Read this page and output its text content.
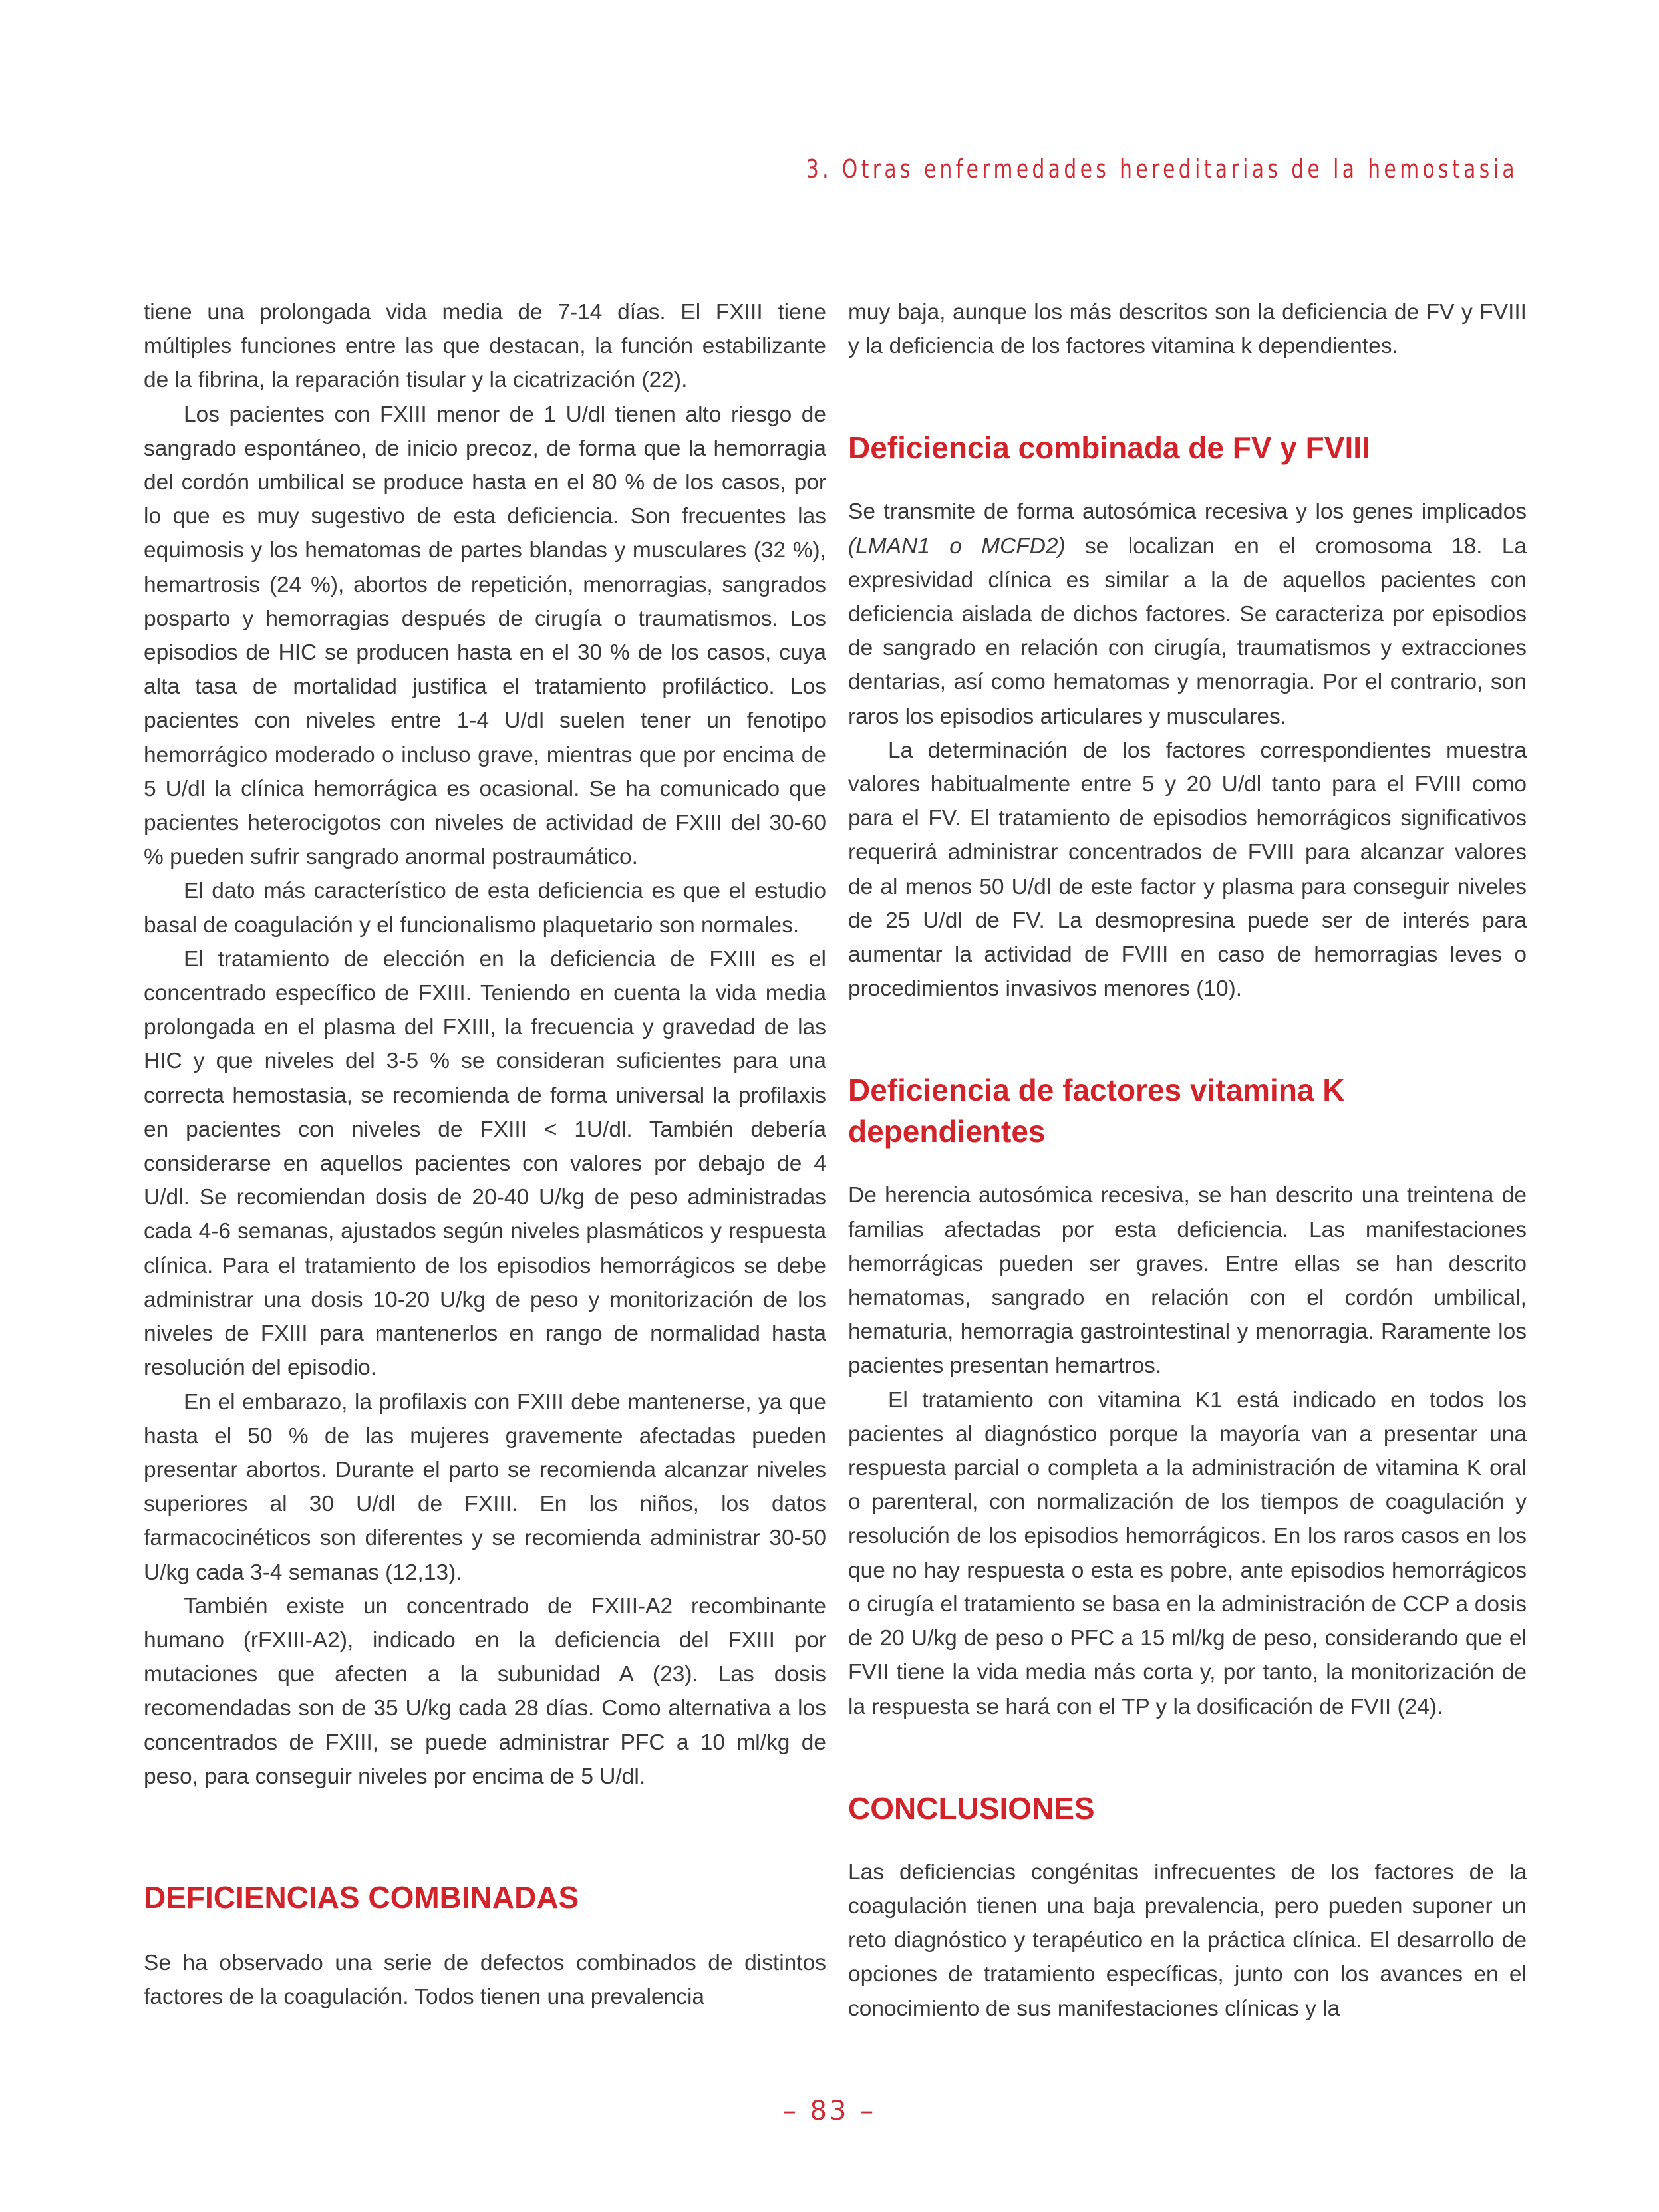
3. Otras enfermedades hereditarias de la hemostasia

tiene una prolongada vida media de 7-14 días. El FXIII tiene múltiples funciones entre las que destacan, la función estabilizante de la fibrina, la reparación tisular y la cicatrización (22).

Los pacientes con FXIII menor de 1 U/dl tienen alto riesgo de sangrado espontáneo, de inicio precoz, de forma que la hemorragia del cordón umbilical se produce hasta en el 80 % de los casos, por lo que es muy sugestivo de esta deficiencia. Son frecuentes las equimosis y los hematomas de partes blandas y musculares (32 %), hemartrosis (24 %), abortos de repetición, menorragias, sangrados posparto y hemorragias después de cirugía o traumatismos. Los episodios de HIC se producen hasta en el 30 % de los casos, cuya alta tasa de mortalidad justifica el tratamiento profiláctico. Los pacientes con niveles entre 1-4 U/dl suelen tener un fenotipo hemorrágico moderado o incluso grave, mientras que por encima de 5 U/dl la clínica hemorrágica es ocasional. Se ha comunicado que pacientes heterocigotos con niveles de actividad de FXIII del 30-60 % pueden sufrir sangrado anormal postraumático.

El dato más característico de esta deficiencia es que el estudio basal de coagulación y el funcionalismo plaquetario son normales.

El tratamiento de elección en la deficiencia de FXIII es el concentrado específico de FXIII. Teniendo en cuenta la vida media prolongada en el plasma del FXIII, la frecuencia y gravedad de las HIC y que niveles del 3-5 % se consideran suficientes para una correcta hemostasia, se recomienda de forma universal la profilaxis en pacientes con niveles de FXIII < 1U/dl. También debería considerarse en aquellos pacientes con valores por debajo de 4 U/dl. Se recomiendan dosis de 20-40 U/kg de peso administradas cada 4-6 semanas, ajustados según niveles plasmáticos y respuesta clínica. Para el tratamiento de los episodios hemorrágicos se debe administrar una dosis 10-20 U/kg de peso y monitorización de los niveles de FXIII para mantenerlos en rango de normalidad hasta resolución del episodio.

En el embarazo, la profilaxis con FXIII debe mantenerse, ya que hasta el 50 % de las mujeres gravemente afectadas pueden presentar abortos. Durante el parto se recomienda alcanzar niveles superiores al 30 U/dl de FXIII. En los niños, los datos farmacocinéticos son diferentes y se recomienda administrar 30-50 U/kg cada 3-4 semanas (12,13).

También existe un concentrado de FXIII-A2 recombinante humano (rFXIII-A2), indicado en la deficiencia del FXIII por mutaciones que afecten a la subunidad A (23). Las dosis recomendadas son de 35 U/kg cada 28 días. Como alternativa a los concentrados de FXIII, se puede administrar PFC a 10 ml/kg de peso, para conseguir niveles por encima de 5 U/dl.

DEFICIENCIAS COMBINADAS

Se ha observado una serie de defectos combinados de distintos factores de la coagulación. Todos tienen una prevalencia

muy baja, aunque los más descritos son la deficiencia de FV y FVIII y la deficiencia de los factores vitamina k dependientes.

Deficiencia combinada de FV y FVIII

Se transmite de forma autosómica recesiva y los genes implicados (LMAN1 o MCFD2) se localizan en el cromosoma 18. La expresividad clínica es similar a la de aquellos pacientes con deficiencia aislada de dichos factores. Se caracteriza por episodios de sangrado en relación con cirugía, traumatismos y extracciones dentarias, así como hematomas y menorragia. Por el contrario, son raros los episodios articulares y musculares.

La determinación de los factores correspondientes muestra valores habitualmente entre 5 y 20 U/dl tanto para el FVIII como para el FV. El tratamiento de episodios hemorrágicos significativos requerirá administrar concentrados de FVIII para alcanzar valores de al menos 50 U/dl de este factor y plasma para conseguir niveles de 25 U/dl de FV. La desmopresina puede ser de interés para aumentar la actividad de FVIII en caso de hemorragias leves o procedimientos invasivos menores (10).

Deficiencia de factores vitamina K dependientes

De herencia autosómica recesiva, se han descrito una treintena de familias afectadas por esta deficiencia. Las manifestaciones hemorrágicas pueden ser graves. Entre ellas se han descrito hematomas, sangrado en relación con el cordón umbilical, hematuria, hemorragia gastrointestinal y menorragia. Raramente los pacientes presentan hemartros.

El tratamiento con vitamina K1 está indicado en todos los pacientes al diagnóstico porque la mayoría van a presentar una respuesta parcial o completa a la administración de vitamina K oral o parenteral, con normalización de los tiempos de coagulación y resolución de los episodios hemorrágicos. En los raros casos en los que no hay respuesta o esta es pobre, ante episodios hemorrágicos o cirugía el tratamiento se basa en la administración de CCP a dosis de 20 U/kg de peso o PFC a 15 ml/kg de peso, considerando que el FVII tiene la vida media más corta y, por tanto, la monitorización de la respuesta se hará con el TP y la dosificación de FVII (24).

CONCLUSIONES

Las deficiencias congénitas infrecuentes de los factores de la coagulación tienen una baja prevalencia, pero pueden suponer un reto diagnóstico y terapéutico en la práctica clínica. El desarrollo de opciones de tratamiento específicas, junto con los avances en el conocimiento de sus manifestaciones clínicas y la

– 83 –
